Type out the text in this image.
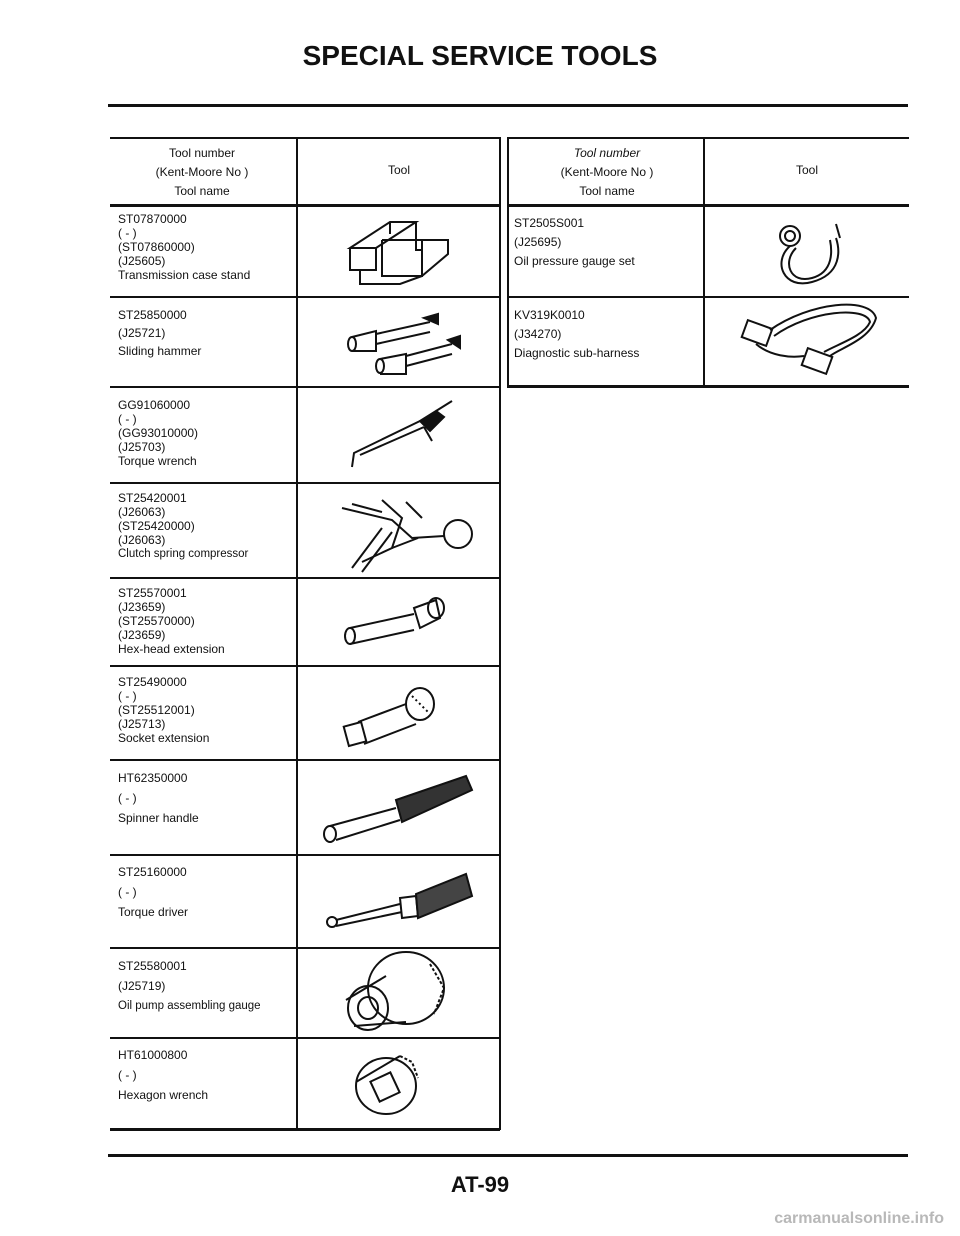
SPECIAL SERVICE TOOLS
Tool number
(Kent-Moore No )
Tool name
Tool
Tool number
(Kent-Moore No )
Tool name
Tool
ST07870000
( - )
(ST07860000)
(J25605)
Transmission case stand
ST25850000
(J25721)
Sliding hammer
GG91060000
( - )
(GG93010000)
(J25703)
Torque wrench
ST25420001
(J26063)
(ST25420000)
(J26063)
Clutch spring compressor
ST25570001
(J23659)
(ST25570000)
(J23659)
Hex-head extension
ST25490000
( - )
(ST25512001)
(J25713)
Socket extension
HT62350000
( - )
Spinner handle
ST25160000
( - )
Torque driver
ST25580001
(J25719)
Oil pump assembling gauge
HT61000800
( - )
Hexagon wrench
ST2505S001
(J25695)
Oil pressure gauge set
KV319K0010
(J34270)
Diagnostic sub-harness
AT-99
carmanualsonline.info
